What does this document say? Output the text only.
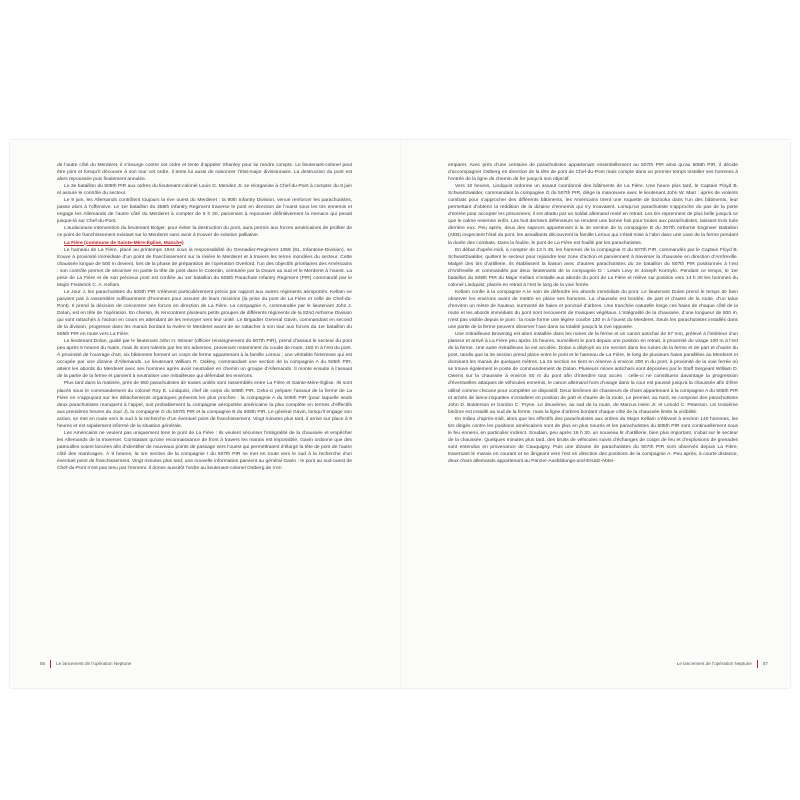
de l’autre côté du Merderet, il s’insurge contre cet ordre et tente d’appeler Shanley pour lui rendre compte. Le lieutenant-colonel peut être joint et lorsqu’il découvre à son tour cet ordre, il tente lui aussi de raisonner l’état-major divisionnaire. La destruction du pont est alors repoussée puis finalement annulée.

Le 3e bataillon du 508th PIR aux ordres du lieutenant-colonel Louis G. Mendez Jr. se réorganise à Chef-du-Pont à compter du 8 juin et assure le contrôle du secteur.

Le 9 juin, les Allemands contrôlent toujours la rive ouest du Merderet : la 90th Infantry Division, venue renforcer les parachutistes, passe alors à l’offensive. Le 1er bataillon du 358th Infantry Regiment traverse le pont en direction de l’ouest sous les tirs ennemis et engage les Allemands de l’autre côté du Merderet à compter de 5 h 30, parvenant à repousser définitivement la menace qui pesait jusque-là sur Chef-du-Pont.

L’audacieuse intervention du lieutenant Bolger, pour éviter la destruction du pont, aura permis aux forces américaines de profiter de ce point de franchissement existant sur le Merderet sans avoir à trouver de solution palliative.

La Fière (commune de Sainte-Mère-Église, Manche)

Le hameau de La Fière, placé au printemps 1944 sous la responsabilité du Grenadier-Regiment 1058 (91. Infanterie-Division), se trouve à proximité immédiate d’un point de franchissement sur la rivière le Merderet et à travers les terres inondées du secteur. Cette chaussée longue de 500 m devient, lors de la phase de préparation de l’opération Overlord, l’un des objectifs prioritaires des Américains : son contrôle permet de sécuriser en partie la tête de pont dans le Cotentin, ceinturée par la Douve au sud et le Merderet à l’ouest. La prise de La Fière et de son précieux pont est confiée au 1er bataillon du 505th Parachute Infantry Regiment (PIR) commandé par le Major Frederick C. A. Kellam.

Le Jour J, les parachutistes du 505th PIR s’élèvent particulièrement précis par rapport aux autres régiments aéroportés. Kellam ne parvient pas à rassembler suffisamment d’hommes pour assurer de leurs missions (la prise du pont de La Fière et celle de Chef-du-Pont). Il prend la décision de concentrer ses forces en direction de La Fière. La compagnie A, commandée par le lieutenant John J. Dolan, est en tête de l’opération. En chemin, ils rencontrent plusieurs petits groupes de différents régiments de la 82nd Airborne Division qui sont rattachés à l’action en cours en attendant de les renvoyer vers leur unité. Le Brigadier General Gavin, commandant en second de la division, progresse dans les marais bordant la rivière le Merderet avant de se rattacher à son tour aux forces du 1er bataillon du 505th PIR en route vers La Fière.

Le lieutenant Dolan, guidé par le lieutenant John H. Wisner (officier renseignement du 507th PIR), prend d’assaut le secteur du pont peu après 6 heures du matin, mais ils sont ralentis par les tirs adverses, provenant notamment du coude de route, 150 m à l’est du pont. À proximité de l’ouvrage d’art, six bâtiments forment un corps de ferme appartenant à la famille Leroux ; une véritable forteresse qui est occupée par une dizaine d’Allemands. Le lieutenant William R. Oakley, commandant une section de la compagnie A du 505th PIR, atteint les abords du Merderet avec ses hommes après avoir neutralisé en chemin un groupe d’Allemands. Il monte ensuite à l’assaut de la partie de la ferme et parvient à neutraliser une mitrailleuse qui défendait les environs.

Plus tard dans la matinée, près de 550 parachutistes de toutes unités sont rassemblés entre La Fière et Sainte-Mère-Église. Ils sont placés sous le commandement du colonel Roy E. Lindquist, chef de corps du 508th PIR. Celui-ci prépare l’assaut de la ferme de La Fière en s’appuyant sur les détachements organiques présents les plus proches : la compagnie A du 505th PIR (pour laquelle seuls deux parachutistes manquent à l’appel, soit probablement la compagnie aéroportée américaine la plus complète en termes d’effectifs aux premières heures du Jour J), la compagnie G du 507th PIR et la compagnie B du 508th PIR. Le général Gavin, lorsqu’il engage son action, se met en route vers le sud à la recherche d’un éventuel point de franchissement. Vingt minutes plus tard, il arrive sur place à 9 heures et est rapidement informé de la situation générale.

Les Américains ne veulent pas uniquement tenir le pont de La Fière : ils veulent sécuriser l’intégralité de la chaussée et empêcher les Allemands de la traverser. Constatant qu’une reconnaissance de front à travers les marais est impossible, Gavin ordonne que des patrouilles soient lancées afin d’identifier de nouveaux points de passage vers l’ouest qui permettraient d’élargir la tête de pont de l’autre côté des marécages. À 9 heures, la 1re section de la compagnie I du 507th PIR se met en route vers le sud à la recherche d’un éventuel point de franchissement. Vingt minutes plus tard, une nouvelle information parvient au général Gavin : le pont au sud-ouest de Chef-du-Pont n’est pas tenu par l’ennemi. Il donne aussitôt l’ordre au lieutenant-colonel Ostberg de s’en

56 Le lancement de l’opération Neptune

emparer. Avec près d’une centaine de parachutistes appartenant essentiellement au 507th PIR ainsi qu’au 508th PIR, il décide d’accompagner Ostberg en direction de la tête de pont de Chef-du-Pont mais compte dans un premier temps installer ses hommes à l’entrée de la ligne de chemin de fer jusqu’à son objectif.

Vers 10 heures, Lindquist ordonne un assaut coordonné des bâtiments de La Fière. Une heure plus tard, le Captain Floyd B. Schwartzwalder, commandant la compagnie G du 507th PIR, dirige la manœuvre avec le lieutenant John W. Marr : après de violents combats pour s’approcher des différents bâtiments, les Américains tirent une roquette de bazooka dans l’un des bâtiments, leur permettant d’obtenir la reddition de la dizaine d’ennemis qui s’y trouvaient. Lorsqu’un parachutiste s’approche du pas de la porte d’entrée pour accepter les prisonniers, il est abattu par un soldat allemand resté en retrait. Les tirs reprennent de plus belle jusqu’à ce que le calme revienne enfin. Les huit derniers défenseurs se rendent une bonne fois pour toutes aux parachutistes, laissant trois tués derrière eux. Peu après, deux des sapeurs appartenant à la 3e section de la compagnie B du 307th Airborne Engineer Battalion (AEB) inspectent l’état du pont, les assaillants découvrent la famille Leroux qui s’était mise à l’abri dans une cave de la ferme pendant la durée des combats. Dans la foulée, le pont de La Fière est fouillé par les parachutistes.

En début d’après-midi, à compter de 13 h 45, les hommes de la compagnie G du 507th PIR, commandés par le Captain Floyd B. Schwartzwalder, quittent le secteur pour rejoindre leur zone d’action et parviennent à traverser la chaussée en direction d’Amfreville. Malgré des tirs d’artillerie, ils établissent la liaison avec d’autres parachutistes du 2e bataillon du 507th PIR positionnés à l’est d’Amfreville et commandés par deux lieutenants de la compagnie D : Lewis Levy et Joseph Kormylo. Pendant ce temps, le 1er bataillon du 505th PIR du Major Kellam s’installe aux abords du pont de La Fière et relève sur position vers 14 h 30 les hommes du colonel Lindquist, placés en retrait à l’est le long de la voie ferrée.

Kellam confie à la compagnie A le soin de défendre les abords immédiats du pont. Le lieutenant Dolan prend le temps de bien observer les environs avant de mettre en place ses hommes. La chaussée est bordée, de part et d’autre de la route, d’un talus d’environ un mètre de hauteur, surmonté de haies et ponctué d’arbres. Une tranchée naturelle longe ces haies de chaque côté de la route et les abords immédiats du pont sont recouverts de masques végétaux. L’intégralité de la chaussée, d’une longueur de 500 m, n’est pas visible depuis le pont : la route forme une légère courbe 130 m à l’ouest du Merderet. Seuls les parachutistes installés dans une partie de la ferme peuvent observer l’axe dans sa totalité jusqu’à la rive opposée.

Une mitrailleuse Browning est alors installée dans les ruines de la ferme et un canon antichar de 57 mm, prélevé à l’intérieur d’un planeur et arrivé à La Fière peu après 15 heures, surveillent le pont depuis une position en retrait, à proximité du virage 100 m à l’est de la ferme. Une autre mitrailleuse lui est accolée. Dolan a déployé sa 1re section dans les ruines de la ferme et de part et d’autre du pont, tandis que la 3e section prend place entre le pont et le hameau de La Fière, le long de plusieurs haies parallèles au Merderet et dominant les marais de quelques mètres. La 2e section se tient en réserve à environ 300 m du pont, à proximité de la voie ferrée où se trouve également le poste de commandement de Dolan. Plusieurs mines antichars sont déposées par le Staff Sergeant William D. Owens sur la chaussée à environ 50 m du pont afin d’interdire tout accès : celle-ci ne constituera davantage la progression d’éventuelles attaques de véhicules ennemis, le canon allemand hors d’usage dans la cour est poussé jusqu’à la chaussée afin d’être utilisé comme chicane pour compléter ce dispositif. Deux binômes de chasseurs de chars appartenant à la compagnie A du 505th PIR et armés de lance-roquettes s’installent en position de part et d’autre de la route. Le premier, au nord, se compose des parachutistes John D. Bolderson et Gordon C. Pryne. Le deuxième, au sud de la route, de Marcus Heim Jr. et Lenold C. Peterson. Un troisième binôme est installé au sud de la ferme, mais la ligne d’arbres bordant chaque côté de la chaussée limite la visibilité.

En milieu d’après-midi, alors que les effectifs des parachutistes aux ordres du Major Kellam s’élèvent à environ 140 hommes, les tirs dirigés contre les positions américaines sont de plus en plus nourris et les parachutistes du 505th PIR sont continuellement sous le feu ennemi, en particulier indirect. Soudain, peu après 16 h 30, un nouveau tir d’artillerie, bien plus important, s’abat sur le secteur de la chaussée. Quelques minutes plus tard, des bruits de véhicules suivis d’échanges de coups de feu et d’explosions de grenades sont entendus en provenance de Cauquigny. Puis une dizaine de parachutistes du 507th PIR sont observés depuis La Fière, traversant le marais en courant et se dirigeant vers l’est en direction des positions de la compagnie A. Peu après, à courte distance, deux chars allemands appartenant au Panzer-Ausbildungs-und-Ersatz-Abtei-

Le lancement de l’opération Neptune 57
